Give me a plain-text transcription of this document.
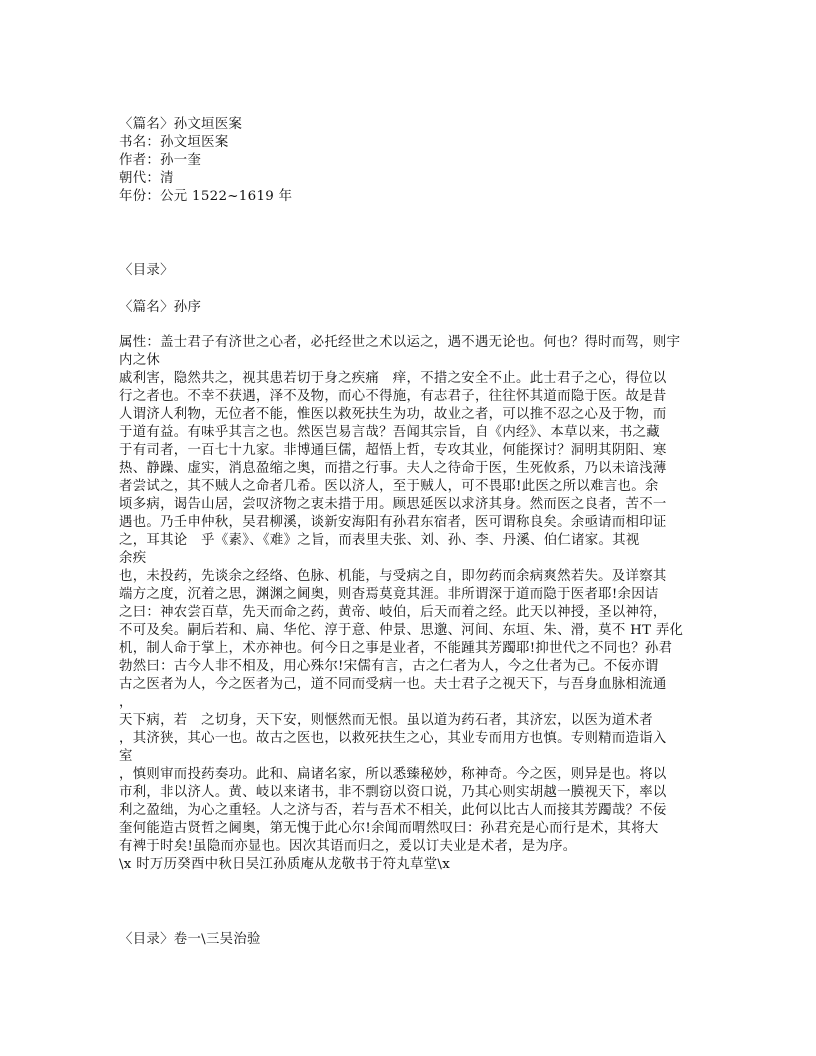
〈篇名〉孙文垣医案
书名：孙文垣医案
作者：孙一奎
朝代：清
年份：公元 1522~1619 年
〈目录〉
〈篇名〉孙序
属性：盖士君子有济世之心者，必托经世之术以运之，遇不遇无论也。何也？得时而驾，则宇
内之休
戚利害，隐然共之，视其患若切于身之疾痛　痒，不措之安全不止。此士君子之心，得位以
行之者也。不幸不获遇，泽不及物，而心不得施，有志君子，往往怀其道而隐于医。故是昔
人谓济人利物，无位者不能，惟医以救死扶生为功，故业之者，可以推不忍之心及于物，而
于道有益。有味乎其言之也。然医岂易言哉？吾闻其宗旨，自《内经》、本草以来，书之藏
于有司者，一百七十九家。非博通巨儒，超悟上哲，专攻其业，何能探讨？洞明其阴阳、寒
热、静躁、虚实，消息盈缩之奥，而措之行事。夫人之待命于医，生死攸系，乃以未谙浅薄
者尝试之，其不贼人之命者几希。医以济人，至于贼人，可不畏耶!此医之所以难言也。余
顷多病，谒告山居，尝叹济物之衷未措于用。顾思延医以求济其身。然而医之良者，苦不一
遇也。乃壬申仲秋，吴君柳溪，谈新安海阳有孙君东宿者，医可谓称良矣。余亟请而相印证
之，耳其论　乎《素》、《难》之旨，而表里夫张、刘、孙、李、丹溪、伯仁诸家。其视
余疾
也，未投药，先谈余之经络、色脉、机能，与受病之自，即勿药而余病爽然若失。及详察其
端方之度，沉着之思，渊渊之阃奥，则杳焉莫竟其涯。非所谓深于道而隐于医者耶!余因诘
之曰：神农尝百草，先天而命之药，黄帝、岐伯，后天而着之经。此天以神授，圣以神符，
不可及矣。嗣后若和、扁、华佗、淳于意、仲景、思邈、河间、东垣、朱、滑，莫不 HT 弄化
机，制人命于掌上，术亦神也。何今日之事是业者，不能踵其芳躅耶!抑世代之不同也？孙君
勃然曰：古今人非不相及，用心殊尔!宋儒有言，古之仁者为人，今之仕者为己。不佞亦谓
古之医者为人，今之医者为己，道不同而受病一也。夫士君子之视天下，与吾身血脉相流通
，
天下病，若　之切身，天下安，则惬然而无恨。虽以道为药石者，其济宏，以医为道术者
，其济狭，其心一也。故古之医也，以救死扶生之心，其业专而用方也慎。专则精而造诣入
室
，慎则审而投药奏功。此和、扁诸名家，所以悉臻秘妙，称神奇。今之医，则异是也。将以
市利，非以济人。黄、岐以来诸书，非不剽窃以资口说，乃其心则实胡越一膜视天下，率以
利之盈绌，为心之重轻。人之济与否，若与吾术不相关，此何以比古人而接其芳躅哉？不佞
奎何能造古贤哲之阃奥，第无愧于此心尔!余闻而喟然叹曰：孙君充是心而行是术，其将大
有裨于时矣!虽隐而亦显也。因次其语而归之，爰以订夫业是术者，是为序。
\x 时万历癸酉中秋日吴江孙质庵从龙敬书于符丸草堂\x
〈目录〉卷一\三吴治验
